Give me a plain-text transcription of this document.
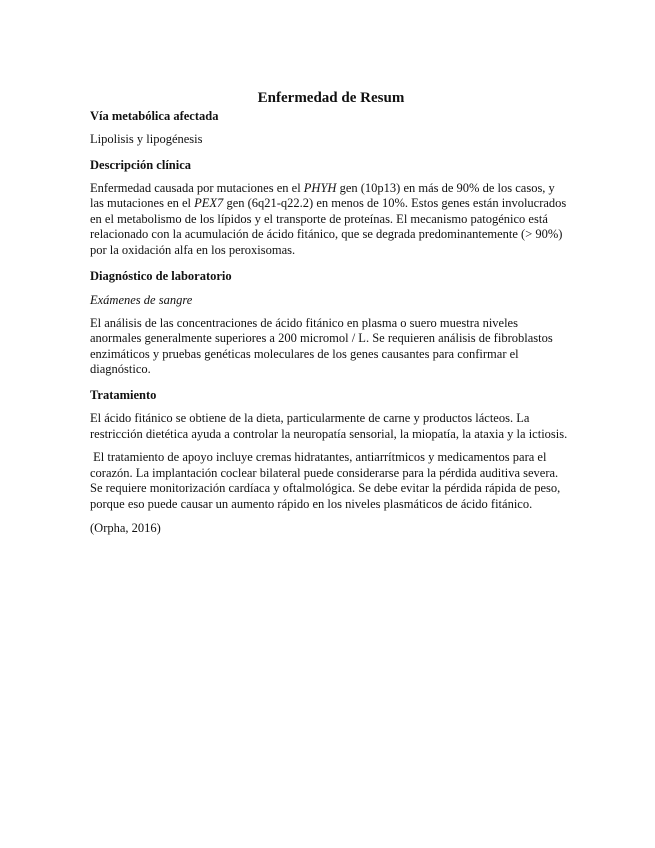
Enfermedad de Resum
Vía metabólica afectada

Lipolisis y lipogénesis

Descripción clínica

Enfermedad causada por mutaciones en el PHYH gen (10p13) en más de 90% de los casos, y las mutaciones en el PEX7 gen (6q21-q22.2) en menos de 10%. Estos genes están involucrados en el metabolismo de los lípidos y el transporte de proteínas. El mecanismo patogénico está relacionado con la acumulación de ácido fitánico, que se degrada predominantemente (> 90%) por la oxidación alfa en los peroxisomas.

Diagnóstico de laboratorio

Exámenes de sangre

El análisis de las concentraciones de ácido fitánico en plasma o suero muestra niveles anormales generalmente superiores a 200 micromol / L. Se requieren análisis de fibroblastos enzimáticos y pruebas genéticas moleculares de los genes causantes para confirmar el diagnóstico.

Tratamiento

El ácido fitánico se obtiene de la dieta, particularmente de carne y productos lácteos. La restricción dietética ayuda a controlar la neuropatía sensorial, la miopatía, la ataxia y la ictiosis.

El tratamiento de apoyo incluye cremas hidratantes, antiarrítmicos y medicamentos para el corazón. La implantación coclear bilateral puede considerarse para la pérdida auditiva severa. Se requiere monitorización cardíaca y oftalmológica. Se debe evitar la pérdida rápida de peso, porque eso puede causar un aumento rápido en los niveles plasmáticos de ácido fitánico.

(Orpha, 2016)
